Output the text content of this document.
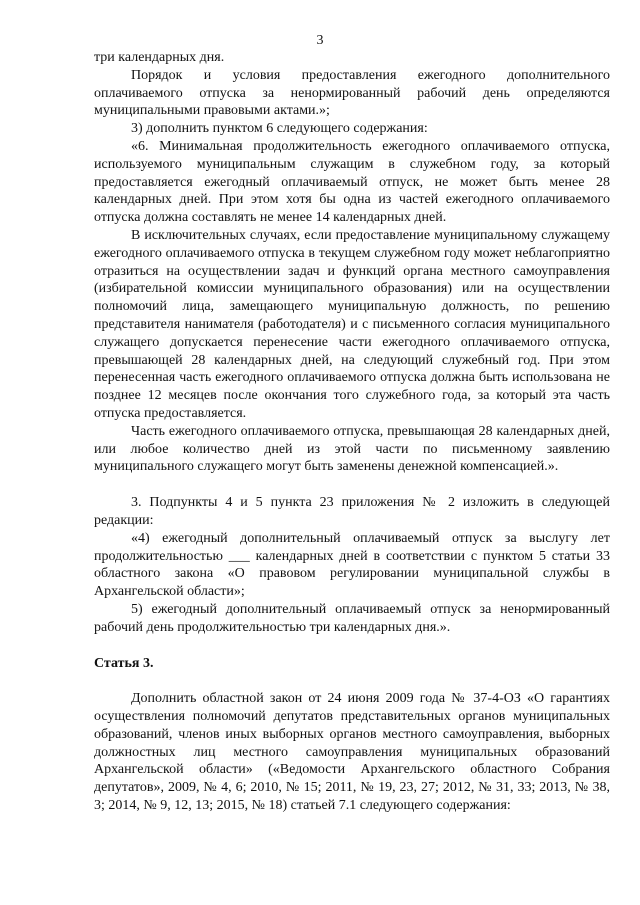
3

три календарных дня.

Порядок и условия предоставления ежегодного дополнительного оплачиваемого отпуска за ненормированный рабочий день определяются муниципальными правовыми актами.»;

3) дополнить пунктом 6 следующего содержания:

«6. Минимальная продолжительность ежегодного оплачиваемого отпуска, используемого муниципальным служащим в служебном году, за который предоставляется ежегодный оплачиваемый отпуск, не может быть менее 28 календарных дней. При этом хотя бы одна из частей ежегодного оплачиваемого отпуска должна составлять не менее 14 календарных дней.

В исключительных случаях, если предоставление муниципальному служащему ежегодного оплачиваемого отпуска в текущем служебном году может неблагоприятно отразиться на осуществлении задач и функций органа местного самоуправления (избирательной комиссии муниципального образования) или на осуществлении полномочий лица, замещающего муниципальную должность, по решению представителя нанимателя (работодателя) и с письменного согласия муниципального служащего допускается перенесение части ежегодного оплачиваемого отпуска, превышающей 28 календарных дней, на следующий служебный год. При этом перенесенная часть ежегодного оплачиваемого отпуска должна быть использована не позднее 12 месяцев после окончания того служебного года, за который эта часть отпуска предоставляется.

Часть ежегодного оплачиваемого отпуска, превышающая 28 календарных дней, или любое количество дней из этой части по письменному заявлению муниципального служащего могут быть заменены денежной компенсацией.».

3. Подпункты 4 и 5 пункта 23 приложения № 2 изложить в следующей редакции:

«4) ежегодный дополнительный оплачиваемый отпуск за выслугу лет продолжительностью ___ календарных дней в соответствии с пунктом 5 статьи 33 областного закона «О правовом регулировании муниципальной службы в Архангельской области»;

5) ежегодный дополнительный оплачиваемый отпуск за ненормированный рабочий день продолжительностью три календарных дня.».

Статья 3.

Дополнить областной закон от 24 июня 2009 года № 37-4-ОЗ «О гарантиях осуществления полномочий депутатов представительных органов муниципальных образований, членов иных выборных органов местного самоуправления, выборных должностных лиц местного самоуправления муниципальных образований Архангельской области» («Ведомости Архангельского областного Собрания депутатов», 2009, № 4, 6; 2010, № 15; 2011, № 19, 23, 27; 2012, № 31, 33; 2013, № 38, 3; 2014, № 9, 12, 13; 2015, № 18) статьей 7.1 следующего содержания:
